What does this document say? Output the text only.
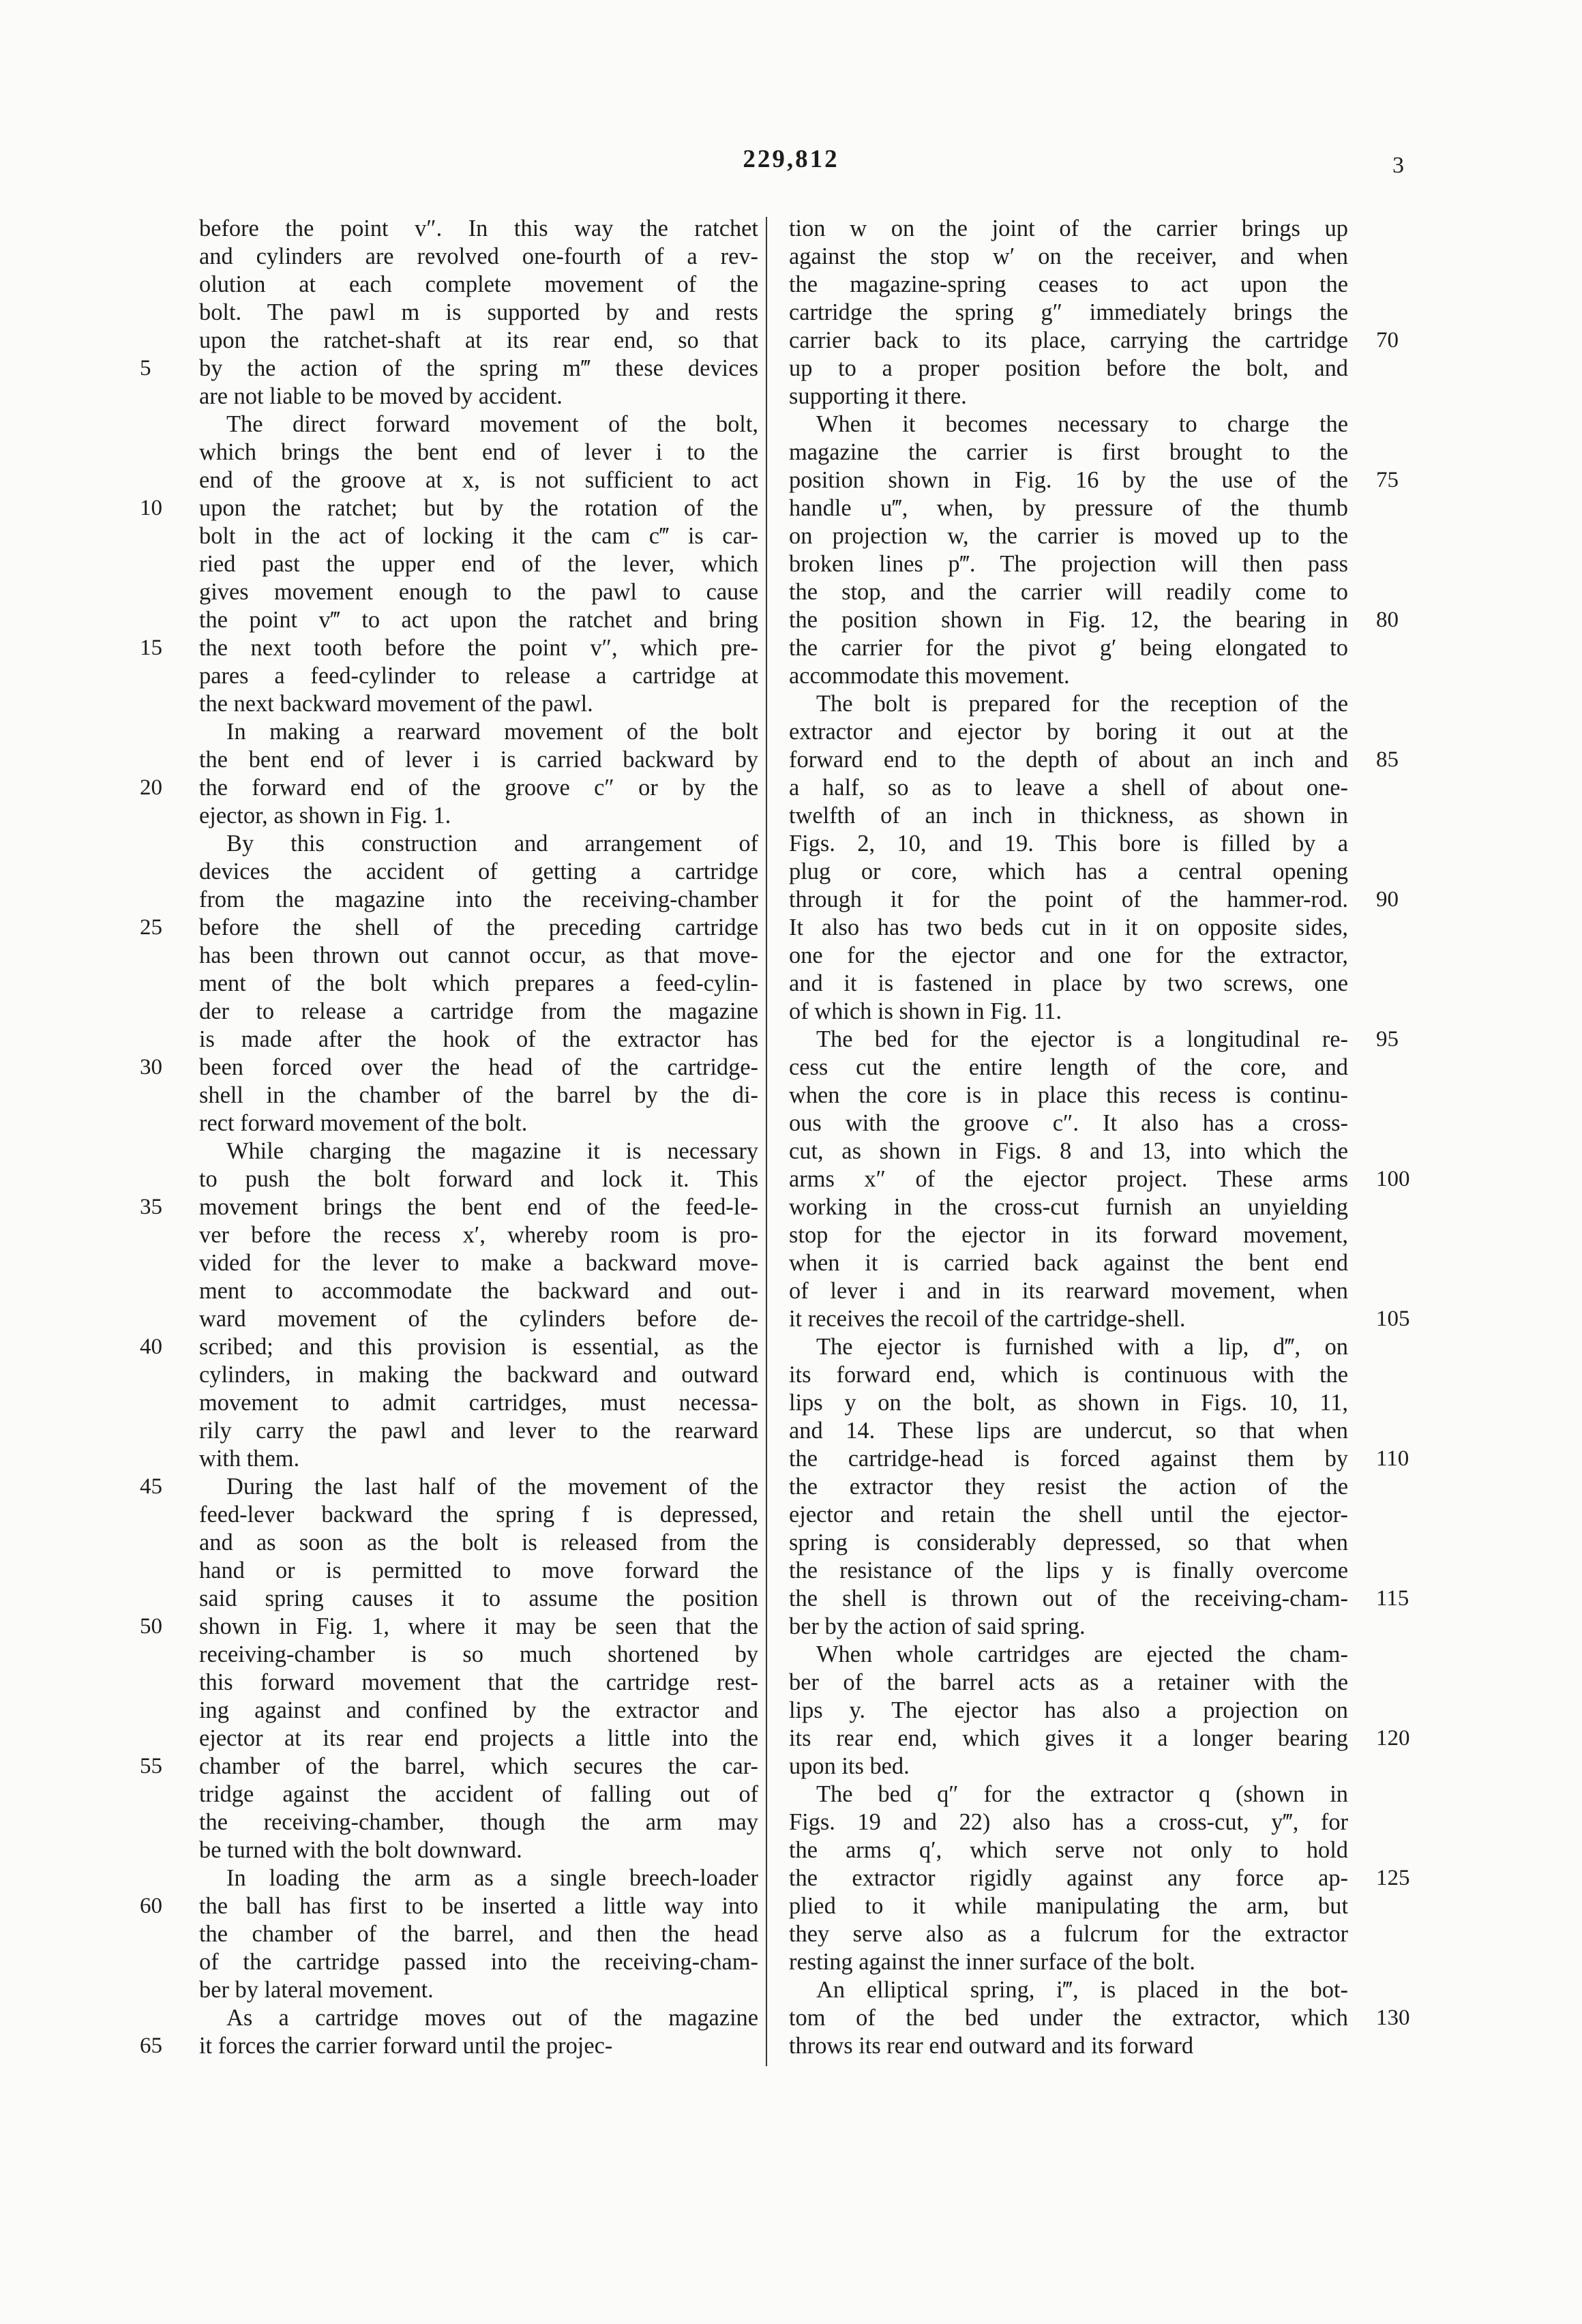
229,812	3
5
10
15
20
25
30
35
40
45
50
55
60
65
before the point v″. In this way the ratchet
and cylinders are revolved one-fourth of a rev-
olution at each complete movement of the
bolt. The pawl m is supported by and rests
upon the ratchet-shaft at its rear end, so that
by the action of the spring m‴ these devices
are not liable to be moved by accident.
The direct forward movement of the bolt,
which brings the bent end of lever i to the
end of the groove at x, is not sufficient to act
upon the ratchet; but by the rotation of the
bolt in the act of locking it the cam c‴ is car-
ried past the upper end of the lever, which
gives movement enough to the pawl to cause
the point v‴ to act upon the ratchet and bring
the next tooth before the point v″, which pre-
pares a feed-cylinder to release a cartridge at
the next backward movement of the pawl.
In making a rearward movement of the bolt
the bent end of lever i is carried backward by
the forward end of the groove c″ or by the
ejector, as shown in Fig. 1.
By this construction and arrangement of
devices the accident of getting a cartridge
from the magazine into the receiving-chamber
before the shell of the preceding cartridge
has been thrown out cannot occur, as that move-
ment of the bolt which prepares a feed-cylin-
der to release a cartridge from the magazine
is made after the hook of the extractor has
been forced over the head of the cartridge-
shell in the chamber of the barrel by the di-
rect forward movement of the bolt.
While charging the magazine it is necessary
to push the bolt forward and lock it. This
movement brings the bent end of the feed-le-
ver before the recess x′, whereby room is pro-
vided for the lever to make a backward move-
ment to accommodate the backward and out-
ward movement of the cylinders before de-
scribed; and this provision is essential, as the
cylinders, in making the backward and outward
movement to admit cartridges, must necessa-
rily carry the pawl and lever to the rearward
with them.
During the last half of the movement of the
feed-lever backward the spring f is depressed,
and as soon as the bolt is released from the
hand or is permitted to move forward the
said spring causes it to assume the position
shown in Fig. 1, where it may be seen that the
receiving-chamber is so much shortened by
this forward movement that the cartridge rest-
ing against and confined by the extractor and
ejector at its rear end projects a little into the
chamber of the barrel, which secures the car-
tridge against the accident of falling out of
the receiving-chamber, though the arm may
be turned with the bolt downward.
In loading the arm as a single breech-loader
the ball has first to be inserted a little way into
the chamber of the barrel, and then the head
of the cartridge passed into the receiving-cham-
ber by lateral movement.
As a cartridge moves out of the magazine
it forces the carrier forward until the projec-
tion w on the joint of the carrier brings up
against the stop w′ on the receiver, and when
the magazine-spring ceases to act upon the
cartridge the spring g″ immediately brings the
carrier back to its place, carrying the cartridge
up to a proper position before the bolt, and
supporting it there.
When it becomes necessary to charge the
magazine the carrier is first brought to the
position shown in Fig. 16 by the use of the
handle u‴, when, by pressure of the thumb
on projection w, the carrier is moved up to the
broken lines p‴. The projection will then pass
the stop, and the carrier will readily come to
the position shown in Fig. 12, the bearing in
the carrier for the pivot g′ being elongated to
accommodate this movement.
The bolt is prepared for the reception of the
extractor and ejector by boring it out at the
forward end to the depth of about an inch and
a half, so as to leave a shell of about one-
twelfth of an inch in thickness, as shown in
Figs. 2, 10, and 19. This bore is filled by a
plug or core, which has a central opening
through it for the point of the hammer-rod.
It also has two beds cut in it on opposite sides,
one for the ejector and one for the extractor,
and it is fastened in place by two screws, one
of which is shown in Fig. 11.
The bed for the ejector is a longitudinal re-
cess cut the entire length of the core, and
when the core is in place this recess is continu-
ous with the groove c″. It also has a cross-
cut, as shown in Figs. 8 and 13, into which the
arms x″ of the ejector project. These arms
working in the cross-cut furnish an unyielding
stop for the ejector in its forward movement,
when it is carried back against the bent end
of lever i and in its rearward movement, when
it receives the recoil of the cartridge-shell.
The ejector is furnished with a lip, d‴, on
its forward end, which is continuous with the
lips y on the bolt, as shown in Figs. 10, 11,
and 14. These lips are undercut, so that when
the cartridge-head is forced against them by
the extractor they resist the action of the
ejector and retain the shell until the ejector-
spring is considerably depressed, so that when
the resistance of the lips y is finally overcome
the shell is thrown out of the receiving-cham-
ber by the action of said spring.
When whole cartridges are ejected the cham-
ber of the barrel acts as a retainer with the
lips y. The ejector has also a projection on
its rear end, which gives it a longer bearing
upon its bed.
The bed q″ for the extractor q (shown in
Figs. 19 and 22) also has a cross-cut, y‴, for
the arms q′, which serve not only to hold
the extractor rigidly against any force ap-
plied to it while manipulating the arm, but
they serve also as a fulcrum for the extractor
resting against the inner surface of the bolt.
An elliptical spring, i‴, is placed in the bot-
tom of the bed under the extractor, which
throws its rear end outward and its forward
70
75
80
85
90
95
100
105
110
115
120
125
130
